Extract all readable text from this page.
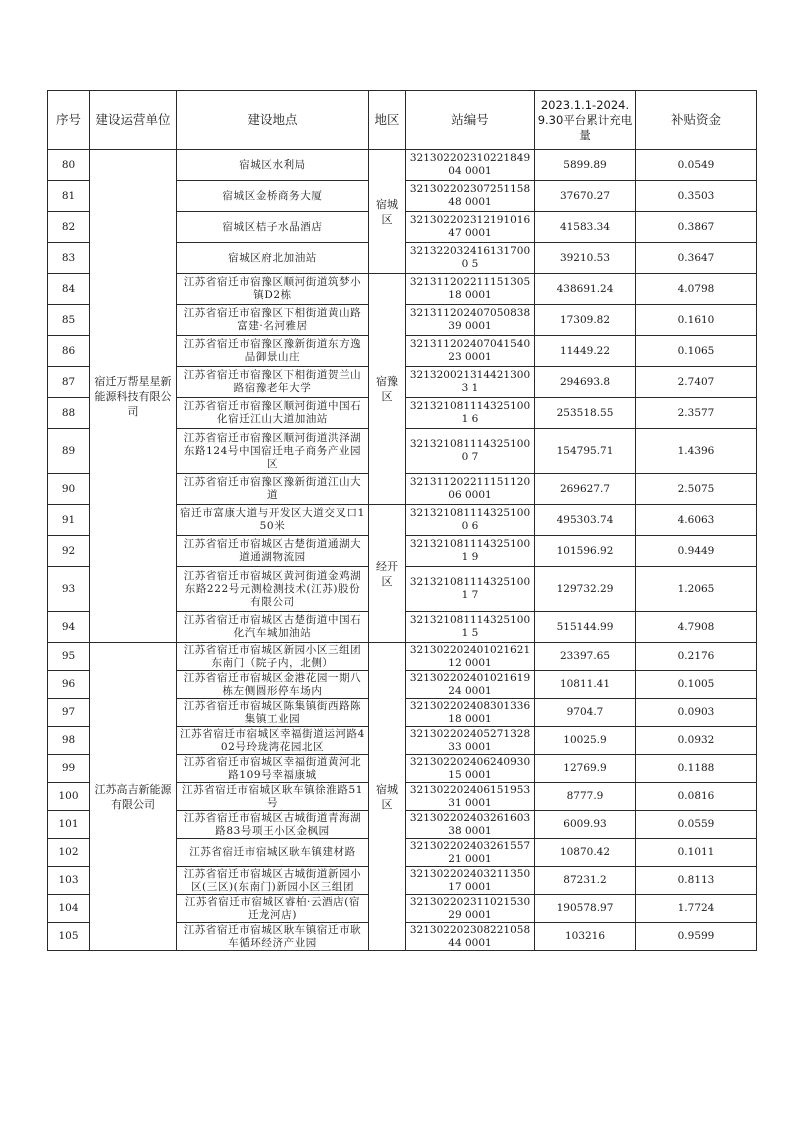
序号	建设运营单位	建设地点	地区	站编号	2023.1.1-2024.9.30平台累计充电量	补贴资金
80	宿迁万帮星星新能源科技有限公司	宿城区水利局	宿城区	32130220231022184904 0001	5899.89	0.0549
81		宿城区金桥商务大厦		32130220230725115848 0001	37670.27	0.3503
82		宿城区桔子水晶酒店		32130220231219101647 0001	41583.34	0.3867
83		宿城区府北加油站		3213220324161317000 5	39210.53	0.3647
84		江苏省宿迁市宿豫区顺河街道筑梦小镇D2栋	宿豫区	32131120221115130518 0001	438691.24	4.0798
85		江苏省宿迁市宿豫区下相街道黄山路富建·名河雅居		32131120240705083839 0001	17309.82	0.1610
86		江苏省宿迁市宿豫区豫新街道东方逸品御景山庄		32131120240704154023 0001	11449.22	0.1065
87		江苏省宿迁市宿豫区下相街道贺兰山路宿豫老年大学		3213200213144213003 1	294693.8	2.7407
88		江苏省宿迁市宿豫区顺河街道中国石化宿迁江山大道加油站		3213210811143251001 6	253518.55	2.3577
89		江苏省宿迁市宿豫区顺河街道洪泽湖东路124号中国宿迁电子商务产业园区		3213210811143251000 7	154795.71	1.4396
90		江苏省宿迁市宿豫区豫新街道江山大道		32131120221115112006 0001	269627.7	2.5075
91		宿迁市富康大道与开发区大道交叉口150米	经开区	3213210811143251000 6	495303.74	4.6063
92		江苏省宿迁市宿城区古楚街道通湖大道通湖物流园		3213210811143251001 9	101596.92	0.9449
93		江苏省宿迁市宿城区黄河街道金鸡湖东路222号元测检测技术(江苏)股份有限公司		3213210811143251001 7	129732.29	1.2065
94		江苏省宿迁市宿城区古楚街道中国石化汽车城加油站		3213210811143251001 5	515144.99	4.7908
95	江苏高吉新能源有限公司	江苏省宿迁市宿城区新园小区三组团东南门（院子内，北侧）	宿城区	32130220240102162112 0001	23397.65	0.2176
96		江苏省宿迁市宿城区金港花园一期八栋左侧圆形停车场内		32130220240102161924 0001	10811.41	0.1005
97		江苏省宿迁市宿城区陈集镇街西路陈集镇工业园		32130220240830133618 0001	9704.7	0.0903
98		江苏省宿迁市宿城区幸福街道运河路402号玲珑湾花园北区		32130220240527132833 0001	10025.9	0.0932
99		江苏省宿迁市宿城区幸福街道黄河北路109号幸福康城		32130220240624093015 0001	12769.9	0.1188
100		江苏省宿迁市宿城区耿车镇徐淮路51号		32130220240615195331 0001	8777.9	0.0816
101		江苏省宿迁市宿城区古城街道青海湖路83号项王小区金枫园		32130220240326160338 0001	6009.93	0.0559
102		江苏省宿迁市宿城区耿车镇建材路		32130220240326155721 0001	10870.42	0.1011
103		江苏省宿迁市宿城区古城街道新园小区(三区)(东南门)新园小区三组团		32130220240321135017 0001	87231.2	0.8113
104		江苏省宿迁市宿城区睿柏·云酒店(宿迁龙河店)		32130220231102153029 0001	190578.97	1.7724
105		江苏省宿迁市宿城区耿车镇宿迁市耿车循环经济产业园		32130220230822105844 0001	103216	0.9599
